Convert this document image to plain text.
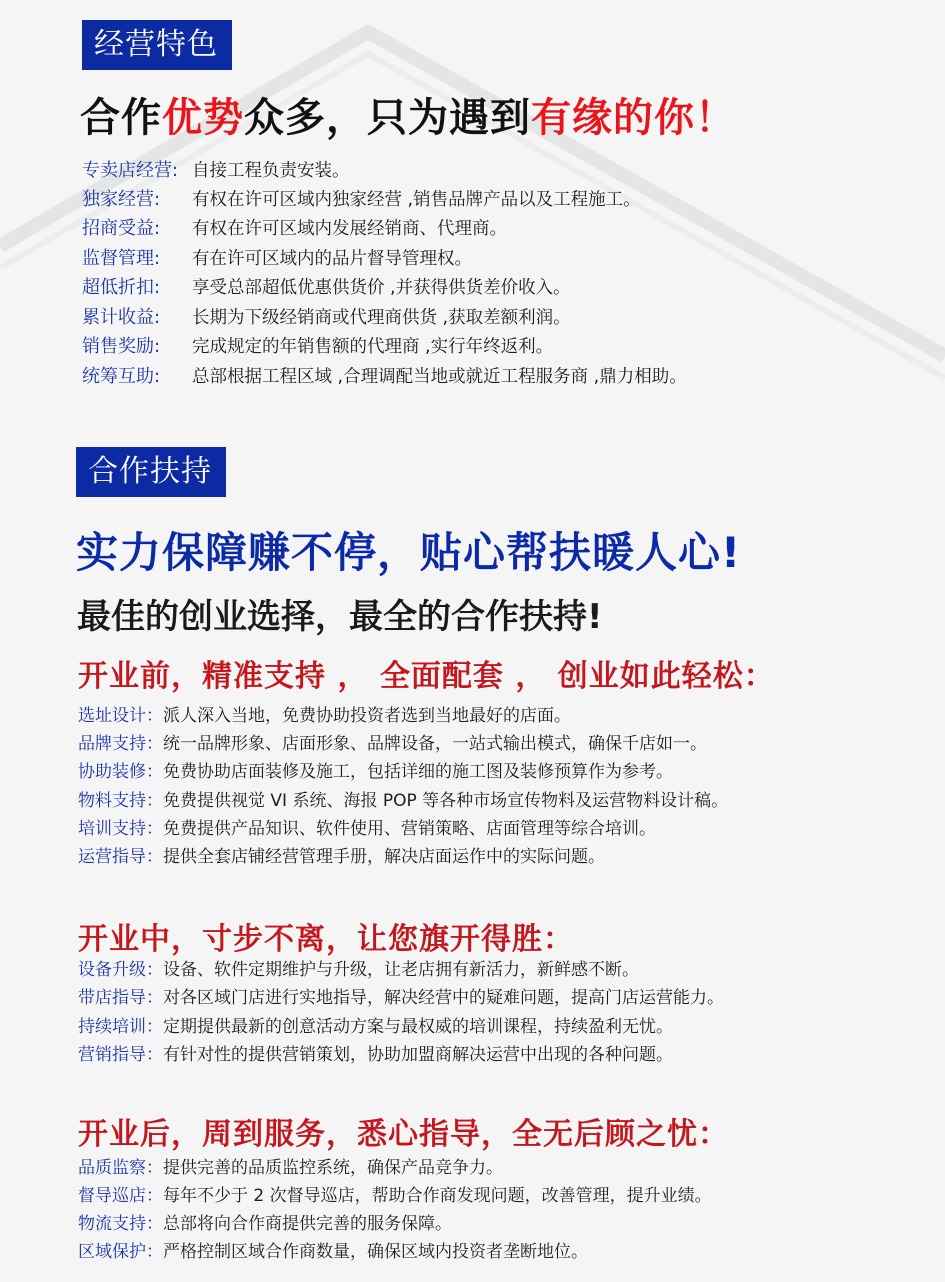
经营特色
合作优势众多，只为遇到有缘的你！
专卖店经营: 自接工程负责安装。
独家经营: 有权在许可区域内独家经营 ,销售品牌产品以及工程施工。
招商受益: 有权在许可区域内发展经销商、代理商。
监督管理: 有在许可区域内的品片督导管理权。
超低折扣: 享受总部超低优惠供货价 ,并获得供货差价收入。
累计收益: 长期为下级经销商或代理商供货 ,获取差额利润。
销售奖励: 完成规定的年销售额的代理商 ,实行年终返利。
统筹互助: 总部根据工程区域 ,合理调配当地或就近工程服务商 ,鼎力相助。
合作扶持
实力保障赚不停，贴心帮扶暖人心!
最佳的创业选择，最全的合作扶持!
开业前，精准支持 ， 全面配套 ， 创业如此轻松：
选址设计：派人深入当地，免费协助投资者选到当地最好的店面。
品牌支持：统一品牌形象、店面形象、品牌设备，一站式输出模式，确保千店如一。
协助装修：免费协助店面装修及施工，包括详细的施工图及装修预算作为参考。
物料支持：免费提供视觉 VI 系统、海报 POP 等各种市场宣传物料及运营物料设计稿。
培训支持：免费提供产品知识、软件使用、营销策略、店面管理等综合培训。
运营指导：提供全套店铺经营管理手册，解决店面运作中的实际问题。
开业中，寸步不离，让您旗开得胜：
设备升级：设备、软件定期维护与升级，让老店拥有新活力，新鲜感不断。
带店指导：对各区域门店进行实地指导，解决经营中的疑难问题，提高门店运营能力。
持续培训：定期提供最新的创意活动方案与最权威的培训课程，持续盈利无忧。
营销指导：有针对性的提供营销策划，协助加盟商解决运营中出现的各种问题。
开业后，周到服务，悉心指导，全无后顾之忧：
品质监察：提供完善的品质监控系统，确保产品竞争力。
督导巡店：每年不少于 2 次督导巡店，帮助合作商发现问题，改善管理，提升业绩。
物流支持：总部将向合作商提供完善的服务保障。
区域保护：严格控制区域合作商数量，确保区域内投资者垄断地位。
